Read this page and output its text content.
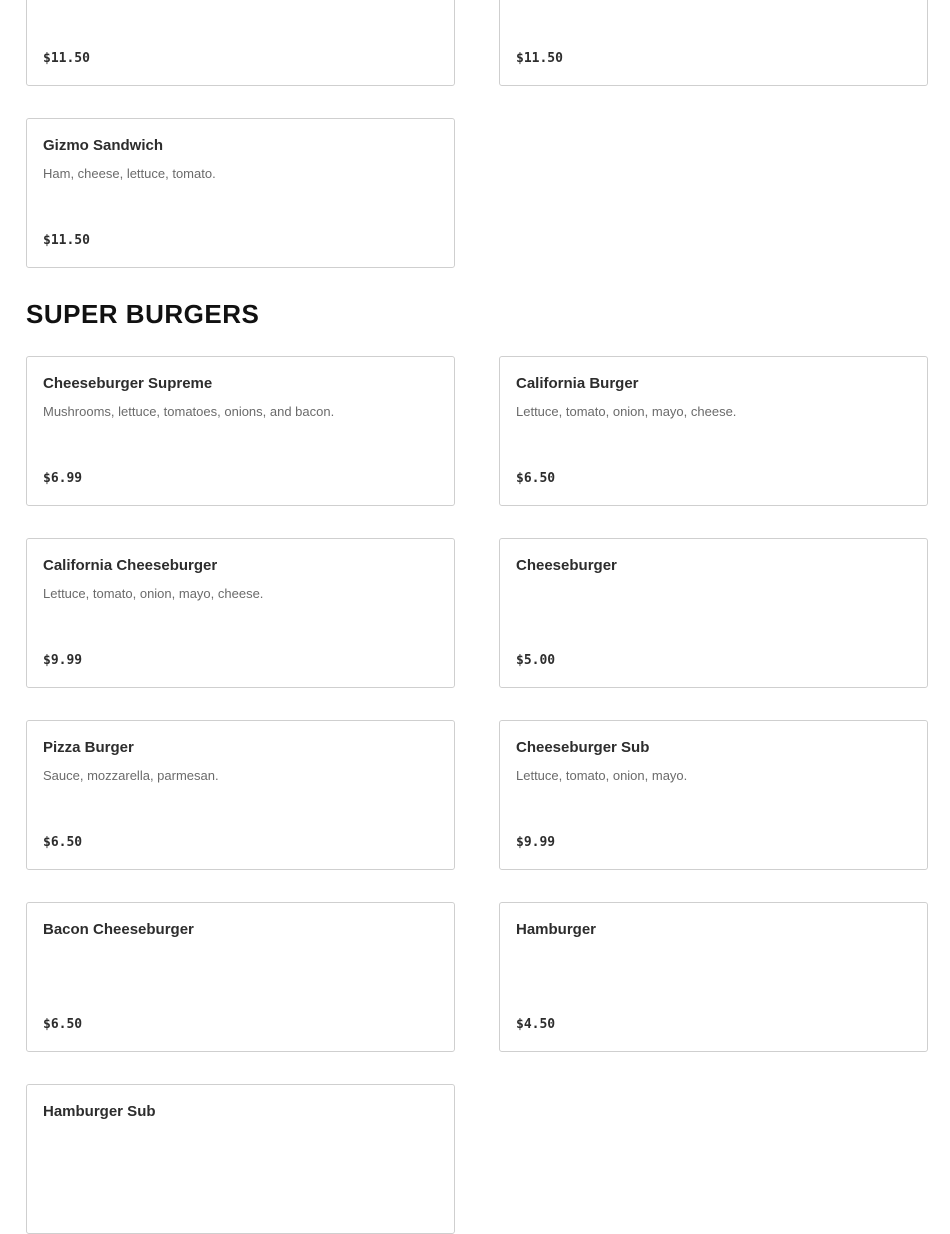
$11.50	$11.50
Gizmo Sandwich
Ham, cheese, lettuce, tomato.
$11.50
SUPER BURGERS
Cheeseburger Supreme
Mushrooms, lettuce, tomatoes, onions, and bacon.
$6.99
California Burger
Lettuce, tomato, onion, mayo, cheese.
$6.50
California Cheeseburger
Lettuce, tomato, onion, mayo, cheese.
$9.99
Cheeseburger
$5.00
Pizza Burger
Sauce, mozzarella, parmesan.
$6.50
Cheeseburger Sub
Lettuce, tomato, onion, mayo.
$9.99
Bacon Cheeseburger
$6.50
Hamburger
$4.50
Hamburger Sub
